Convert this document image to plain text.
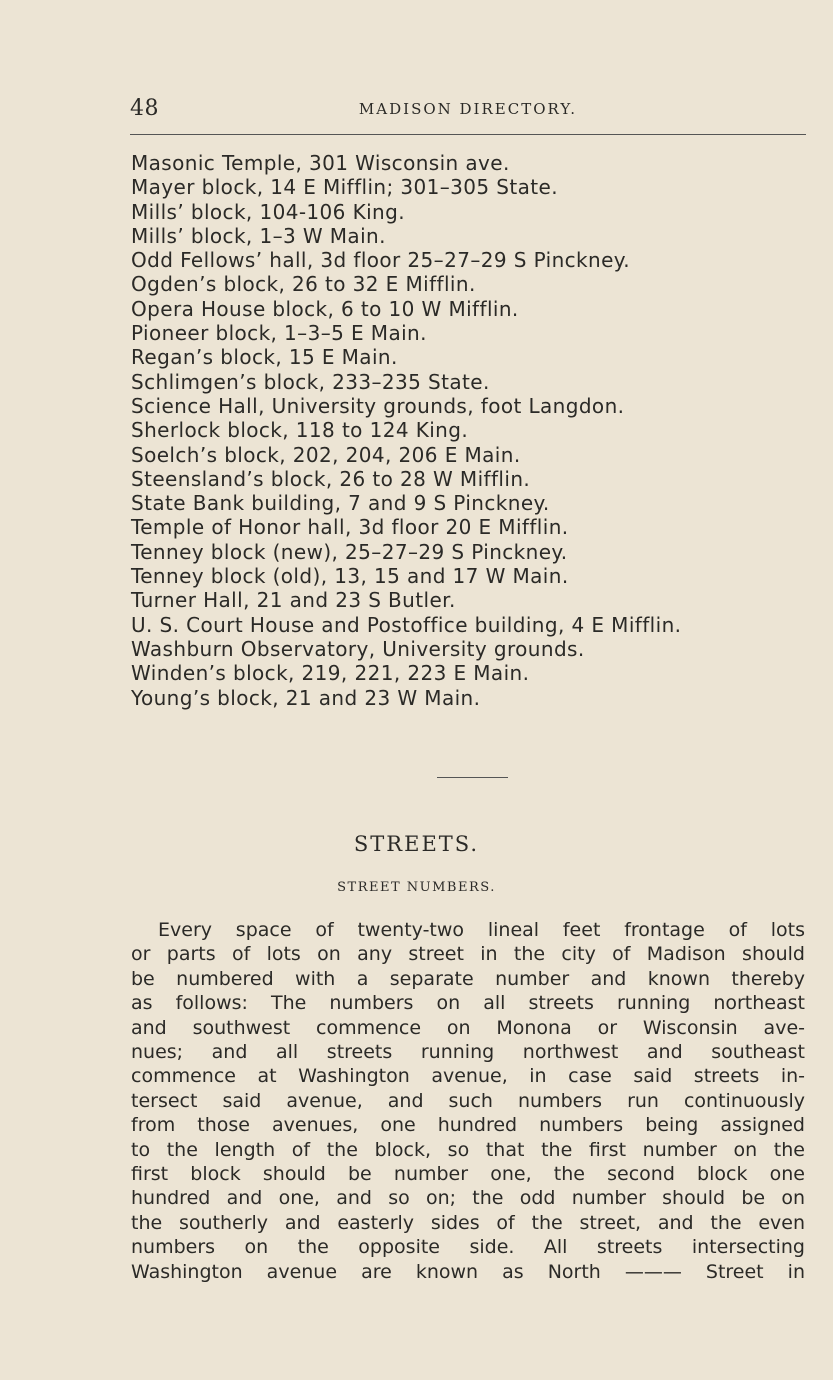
48	MADISON DIRECTORY.
Masonic Temple, 301 Wisconsin ave.
Mayer block, 14 E Mifflin; 301–305 State.
Mills’ block, 104-106 King.
Mills’ block, 1–3 W Main.
Odd Fellows’ hall, 3d floor 25–27–29 S Pinckney.
Ogden’s block, 26 to 32 E Mifflin.
Opera House block, 6 to 10 W Mifflin.
Pioneer block, 1–3–5 E Main.
Regan’s block, 15 E Main.
Schlimgen’s block, 233–235 State.
Science Hall, University grounds, foot Langdon.
Sherlock block, 118 to 124 King.
Soelch’s block, 202, 204, 206 E Main.
Steensland’s block, 26 to 28 W Mifflin.
State Bank building, 7 and 9 S Pinckney.
Temple of Honor hall, 3d floor 20 E Mifflin.
Tenney block (new), 25–27–29 S Pinckney.
Tenney block (old), 13, 15 and 17 W Main.
Turner Hall, 21 and 23 S Butler.
U. S. Court House and Postoffice building, 4 E Mifflin.
Washburn Observatory, University grounds.
Winden’s block, 219, 221, 223 E Main.
Young’s block, 21 and 23 W Main.
STREETS.
STREET NUMBERS.
Every space of twenty-two lineal feet frontage of lots
or parts of lots on any street in the city of Madison should
be numbered with a separate number and known thereby
as follows: The numbers on all streets running northeast
and southwest commence on Monona or Wisconsin ave-
nues; and all streets running northwest and southeast
commence at Washington avenue, in case said streets in-
tersect said avenue, and such numbers run continuously
from those avenues, one hundred numbers being assigned
to the length of the block, so that the first number on the
first block should be number one, the second block one
hundred and one, and so on; the odd number should be on
the southerly and easterly sides of the street, and the even
numbers on the opposite side. All streets intersecting
Washington avenue are known as North ——— Street in
